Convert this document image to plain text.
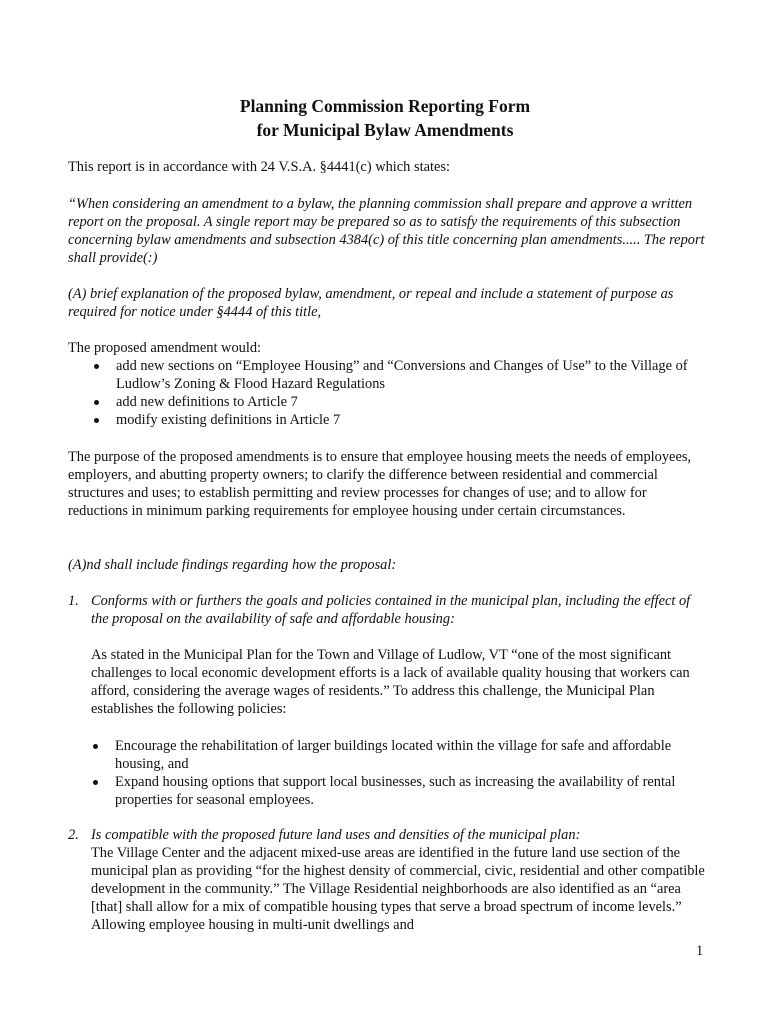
Planning Commission Reporting Form
for Municipal Bylaw Amendments

This report is in accordance with 24 V.S.A. §4441(c) which states:

“When considering an amendment to a bylaw, the planning commission shall prepare and approve a written report on the proposal. A single report may be prepared so as to satisfy the requirements of this subsection concerning bylaw amendments and subsection 4384(c) of this title concerning plan amendments..... The report shall provide(:)

(A) brief explanation of the proposed bylaw, amendment, or repeal and include a statement of purpose as required for notice under §4444 of this title,

The proposed amendment would:

add new sections on “Employee Housing” and “Conversions and Changes of Use” to the Village of Ludlow’s Zoning & Flood Hazard Regulations
add new definitions to Article 7
modify existing definitions in Article 7

The purpose of the proposed amendments is to ensure that employee housing meets the needs of employees, employers, and abutting property owners; to clarify the difference between residential and commercial structures and uses; to establish permitting and review processes for changes of use; and to allow for reductions in minimum parking requirements for employee housing under certain circumstances.

(A)nd shall include findings regarding how the proposal:

1. Conforms with or furthers the goals and policies contained in the municipal plan, including the effect of the proposal on the availability of safe and affordable housing:

As stated in the Municipal Plan for the Town and Village of Ludlow, VT “one of the most significant challenges to local economic development efforts is a lack of available quality housing that workers can afford, considering the average wages of residents.” To address this challenge, the Municipal Plan establishes the following policies:

Encourage the rehabilitation of larger buildings located within the village for safe and affordable housing, and
Expand housing options that support local businesses, such as increasing the availability of rental properties for seasonal employees.
2. Is compatible with the proposed future land uses and densities of the municipal plan:

The Village Center and the adjacent mixed-use areas are identified in the future land use section of the municipal plan as providing “for the highest density of commercial, civic, residential and other compatible development in the community.” The Village Residential neighborhoods are also identified as an “area [that] shall allow for a mix of compatible housing types that serve a broad spectrum of income levels.” Allowing employee housing in multi-unit dwellings and

1
